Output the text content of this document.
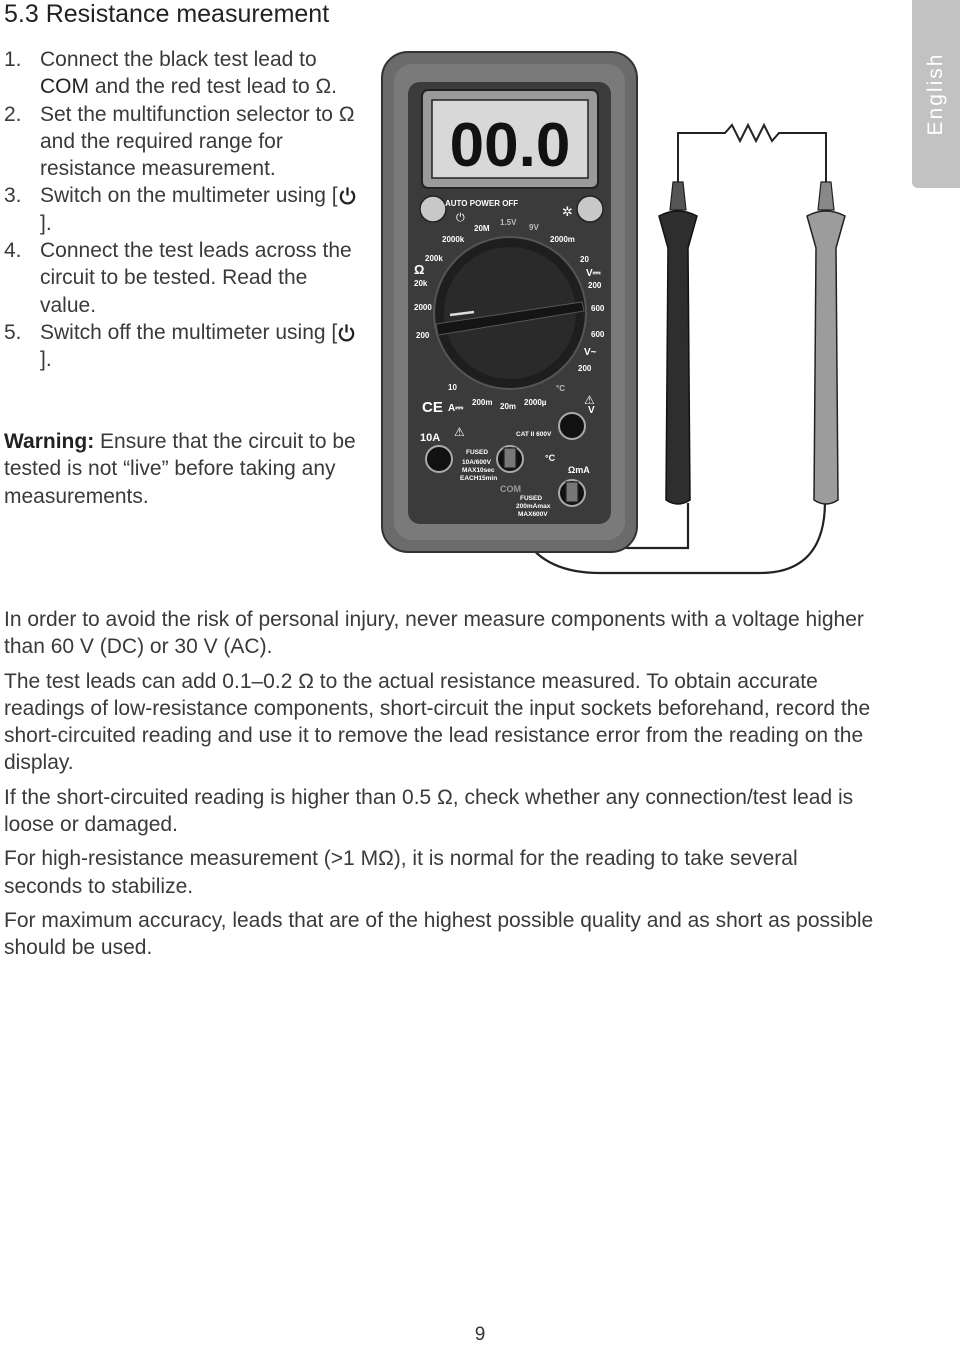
5.3 Resistance measurement
1. Connect the black test lead to COM and the red test lead to Ω.
2. Set the multifunction selector to Ω and the required range for resistance measurement.
3. Switch on the multimeter using [].
4. Connect the test leads across the circuit to be tested. Read the value.
5. Switch off the multimeter using [].

Warning: Ensure that the circuit to be tested is not “live” before taking any measurements.

English
00.0
AUTO POWER OFF
⏻	✲
2000k
20M
1.5V
9V
2000m
200k
Ω
20k
2000
200
20
V⎓
200
600
600
V~
200
10
A⎓
200m 20m 2000µ
°C
V
CE	⚠
⚠
10A	CAT II 600V
FUSED
10A/600V
MAX10sec
EACH15min
°C
ΩmA
COM
FUSED
200mAmax
MAX600V

In order to avoid the risk of personal injury, never measure components with a voltage higher than 60 V (DC) or 30 V (AC).

The test leads can add 0.1–0.2 Ω to the actual resistance measured. To obtain accurate readings of low-resistance components, short-circuit the input sockets beforehand, record the short-circuited reading and use it to remove the lead resistance error from the reading on the display.

If the short-circuited reading is higher than 0.5 Ω, check whether any connection/test lead is loose or damaged.

For high-resistance measurement (>1 MΩ), it is normal for the reading to take several seconds to stabilize.

For maximum accuracy, leads that are of the highest possible quality and as short as possible should be used.

9
